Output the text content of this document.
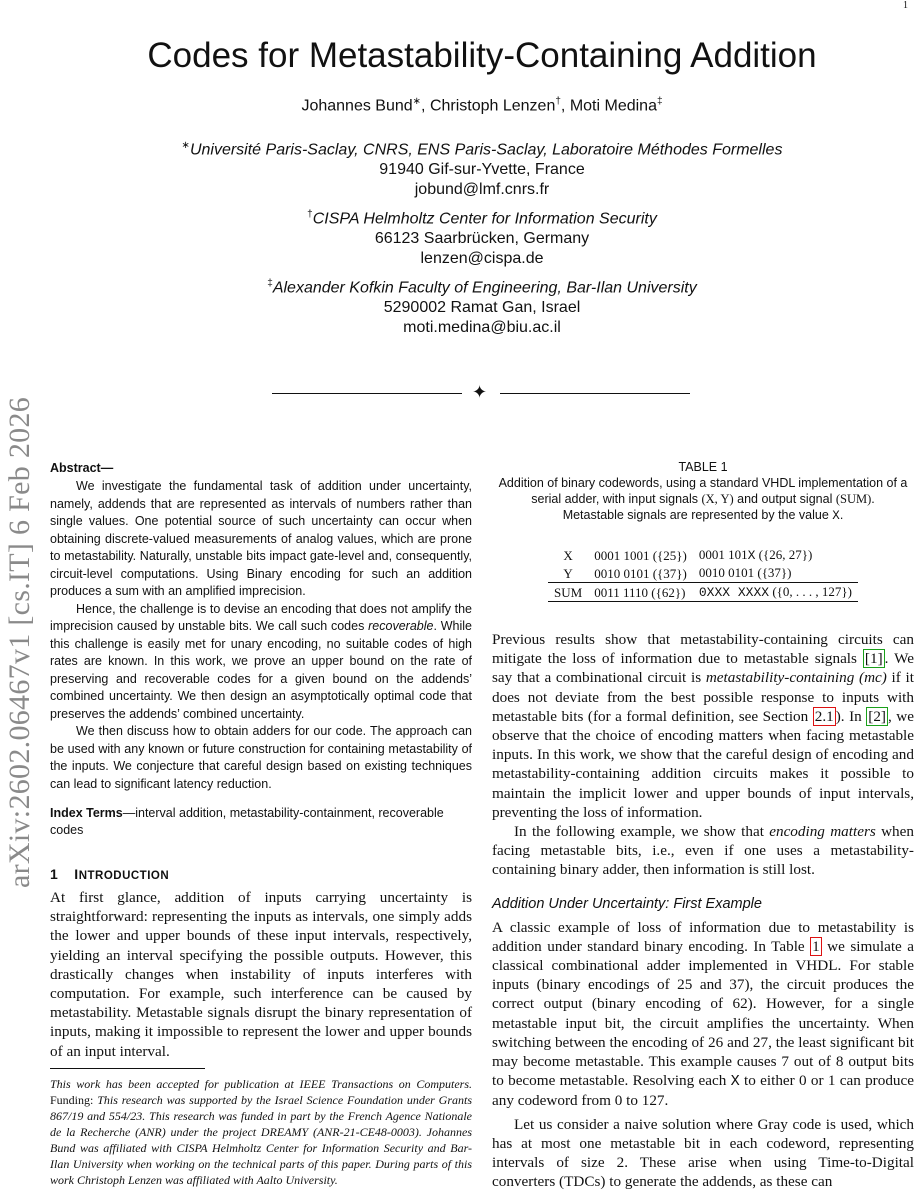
1
arXiv:2602.06467v1 [cs.IT] 6 Feb 2026
Codes for Metastability-Containing Addition
Johannes Bund∗, Christoph Lenzen†, Moti Medina‡
∗Université Paris-Saclay, CNRS, ENS Paris-Saclay, Laboratoire Méthodes Formelles
91940 Gif-sur-Yvette, France
jobund@lmf.cnrs.fr
†CISPA Helmholtz Center for Information Security
66123 Saarbrücken, Germany
lenzen@cispa.de
‡Alexander Kofkin Faculty of Engineering, Bar-Ilan University
5290002 Ramat Gan, Israel
moti.medina@biu.ac.il
✦
Abstract—

We investigate the fundamental task of addition under uncertainty, namely, addends that are represented as intervals of numbers rather than single values. One potential source of such uncertainty can occur when obtaining discrete-valued measurements of analog values, which are prone to metastability. Naturally, unstable bits impact gate-level and, consequently, circuit-level computations. Using Binary encoding for such an addition produces a sum with an amplified imprecision.

Hence, the challenge is to devise an encoding that does not amplify the imprecision caused by unstable bits. We call such codes recoverable. While this challenge is easily met for unary encoding, no suitable codes of high rates are known. In this work, we prove an upper bound on the rate of preserving and recoverable codes for a given bound on the addends’ combined uncertainty. We then design an asymptotically optimal code that preserves the addends’ combined uncertainty.

We then discuss how to obtain adders for our code. The approach can be used with any known or future construction for containing metastability of the inputs. We conjecture that careful design based on existing techniques can lead to significant latency reduction.

Index Terms—interval addition, metastability-containment, recoverable codes
1 INTRODUCTION

At first glance, addition of inputs carrying uncertainty is straightforward: representing the inputs as intervals, one simply adds the lower and upper bounds of these input intervals, respectively, yielding an interval specifying the possible outputs. However, this drastically changes when instability of inputs interferes with computation. For example, such interference can be caused by metastability. Metastable signals disrupt the binary representation of inputs, making it impossible to represent the lower and upper bounds of an input interval.

This work has been accepted for publication at IEEE Transactions on Computers. Funding: This research was supported by the Israel Science Foundation under Grants 867/19 and 554/23. This research was funded in part by the French Agence Nationale de la Recherche (ANR) under the project DREAMY (ANR-21-CE48-0003). Johannes Bund was affiliated with CISPA Helmholtz Center for Information Security and Bar-Ilan University when working on the technical parts of this paper. During parts of this work Christoph Lenzen was affiliated with Aalto University.
TABLE 1
Addition of binary codewords, using a standard VHDL implementation of a serial adder, with input signals (X, Y) and output signal (SUM).
Metastable signals are represented by the value X.
X	0001 1001 ({25})	0001 101X ({26, 27})
Y	0010 0101 ({37})	0010 0101 ({37})
SUM	0011 1110 ({62})	0XXX XXXX ({0, . . . , 127})

Previous results show that metastability-containing circuits can mitigate the loss of information due to metastable signals [1] . We say that a combinational circuit is metastability-containing (mc) if it does not deviate from the best possible response to inputs with metastable bits (for a formal definition, see Section 2.1 ). In [2] , we observe that the choice of encoding matters when facing metastable inputs. In this work, we show that the careful design of encoding and metastability-containing addition circuits makes it possible to maintain the implicit lower and upper bounds of input intervals, preventing the loss of information.

In the following example, we show that encoding matters when facing metastable bits, i.e., even if one uses a metastability-containing binary adder, then information is still lost.

Addition Under Uncertainty: First Example

A classic example of loss of information due to metastability is addition under standard binary encoding. In Table 1 we simulate a classical combinational adder implemented in VHDL. For stable inputs (binary encodings of 25 and 37), the circuit produces the correct output (binary encoding of 62). However, for a single metastable input bit, the circuit amplifies the uncertainty. When switching between the encoding of 26 and 27, the least significant bit may become metastable. This example causes 7 out of 8 output bits to become metastable. Resolving each X to either 0 or 1 can produce any codeword from 0 to 127.

Let us consider a naive solution where Gray code is used, which has at most one metastable bit in each codeword, representing intervals of size 2. These arise when using Time-to-Digital converters (TDCs) to generate the addends, as these can
